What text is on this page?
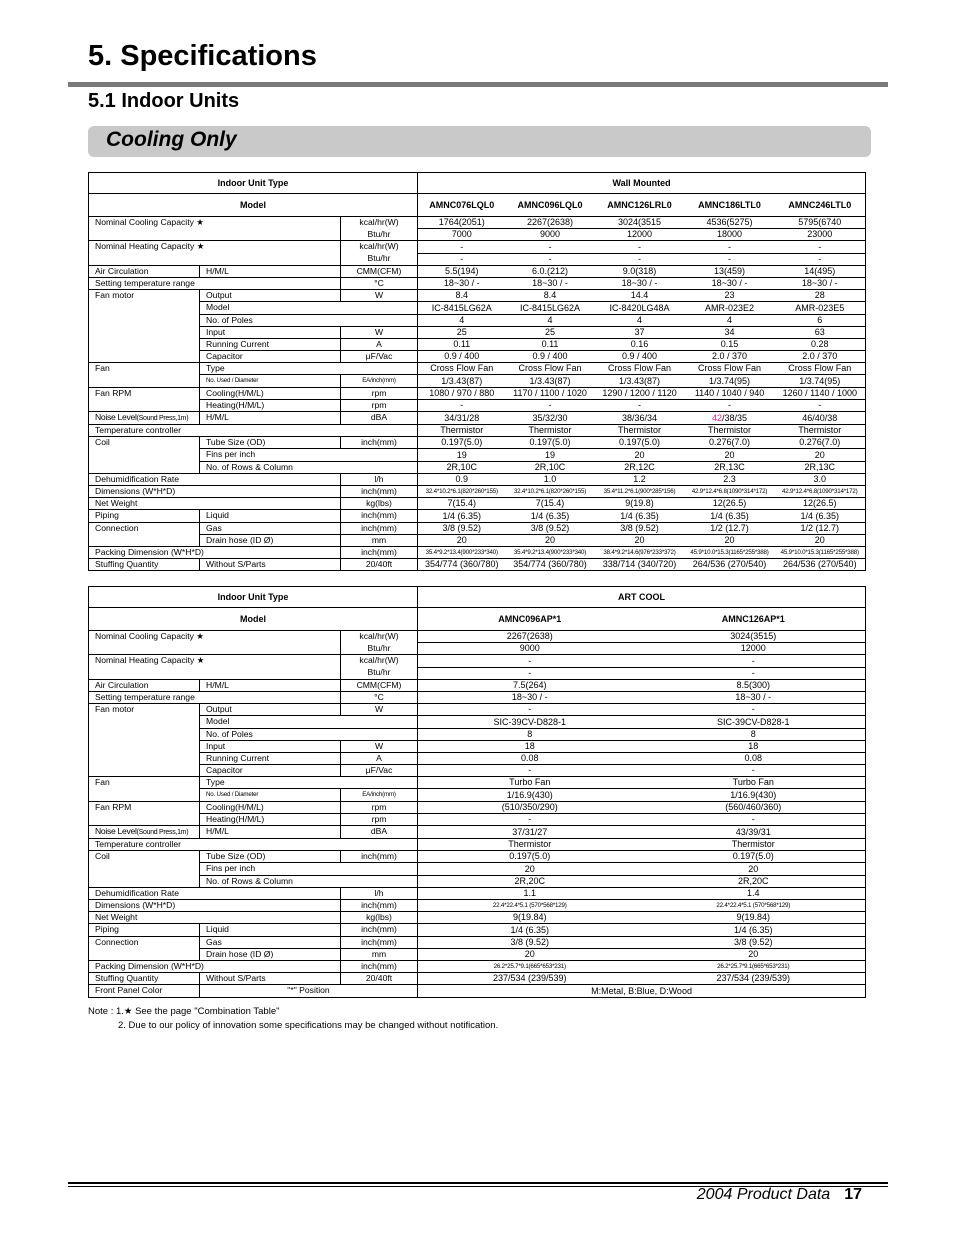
5. Specifications
5.1 Indoor Units
Cooling Only
Indoor Unit Type			Wall Mounted				
Model			AMNC076LQL0	AMNC096LQL0	AMNC126LRL0	AMNC186LTL0	AMNC246LTL0
Nominal Cooling Capacity ★		kcal/hr(W)	1764(2051)	2267(2638)	3024(3515	4536(5275)	5795(6740
		Btu/hr	7000	9000	12000	18000	23000
Nominal Heating Capacity ★		kcal/hr(W)	-	-	-	-	-
		Btu/hr	-	-	-	-	-
Air Circulation	H/M/L	CMM(CFM)	5.5(194)	6.0.(212)	9.0(318)	13(459)	14(495)
Setting temperature range		°C	18~30 / -	18~30 / -	18~30 / -	18~30 / -	18~30 / -
Fan motor	Output	W	8.4	8.4	14.4	23	28
	Model		IC-8415LG62A	IC-8415LG62A	IC-8420LG48A	AMR-023E2	AMR-023E5
	No. of Poles		4	4	4	4	6
	Input	W	25	25	37	34	63
	Running Current	A	0.11	0.11	0.16	0.15	0.28
	Capacitor	μF/Vac	0.9 / 400	0.9 / 400	0.9 / 400	2.0 / 370	2.0 / 370
Fan	Type		Cross Flow Fan	Cross Flow Fan	Cross Flow Fan	Cross Flow Fan	Cross Flow Fan
	No. Used / Diameter	EA/inch(mm)	1/3.43(87)	1/3.43(87)	1/3.43(87)	1/3.74(95)	1/3.74(95)
Fan RPM	Cooling(H/M/L)	rpm	1080 / 970 / 880	1170 / 1100 / 1020	1290 / 1200 / 1120	1140 / 1040 / 940	1260 / 1140 / 1000
	Heating(H/M/L)	rpm	-	-	-	-	-
Noise Level(Sound Press,1m)	H/M/L	dBA	34/31/28	35/32/30	38/36/34	42/38/35	46/40/38
Temperature controller			Thermistor	Thermistor	Thermistor	Thermistor	Thermistor
Coil	Tube Size (OD)	inch(mm)	0.197(5.0)	0.197(5.0)	0.197(5.0)	0.276(7.0)	0.276(7.0)
	Fins per inch		19	19	20	20	20
	No. of Rows & Column		2R,10C	2R,10C	2R,12C	2R,13C	2R,13C
Dehumidification Rate		l/h	0.9	1.0	1.2	2.3	3.0
Dimensions (W*H*D)		inch(mm)	32.4*10.2*6.1(820*260*155)	32.4*10.2*6.1(820*260*155)	35.4*11.2*6.1(900*285*156)	42.9*12.4*6.8(1090*314*172)	42.9*12.4*6.8(1090*314*172)
Net Weight		kg(lbs)	7(15.4)	7(15.4)	9(19.8)	12(26.5)	12(26.5)
Piping	Liquid	inch(mm)	1/4 (6.35)	1/4 (6.35)	1/4 (6.35)	1/4 (6.35)	1/4 (6.35)
Connection	Gas	inch(mm)	3/8 (9.52)	3/8 (9.52)	3/8 (9.52)	1/2 (12.7)	1/2 (12.7)
	Drain hose (ID Ø)	mm	20	20	20	20	20
Packing Dimension (W*H*D)		inch(mm)	35.4*9.2*13.4(900*233*340)	35.4*9.2*13.4(900*233*340)	38.4*9.2*14.6(976*233*372)	45.9*10.0*15.3(1165*255*388)	45.9*10.0*15.3(1165*255*388)
Stuffing Quantity	Without S/Parts	20/40ft	354/774 (360/780)	354/774 (360/780)	338/714 (340/720)	264/536 (270/540)	264/536 (270/540)
Indoor Unit Type			ART COOL	
Model			AMNC096AP*1	AMNC126AP*1
Nominal Cooling Capacity ★		kcal/hr(W)	2267(2638)	3024(3515)
		Btu/hr	9000	12000
Nominal Heating Capacity ★		kcal/hr(W)	-	-
		Btu/hr	-	-
Air Circulation	H/M/L	CMM(CFM)	7.5(264)	8.5(300)
Setting temperature range		°C	18~30 / -	18~30 / -
Fan motor	Output	W	-	-
	Model		SIC-39CV-D828-1	SIC-39CV-D828-1
	No. of Poles		8	8
	Input	W	18	18
	Running Current	A	0.08	0.08
	Capacitor	μF/Vac	-	-
Fan	Type		Turbo Fan	Turbo Fan
	No. Used / Diameter	EA/inch(mm)	1/16.9(430)	1/16.9(430)
Fan RPM	Cooling(H/M/L)	rpm	(510/350/290)	(560/460/360)
	Heating(H/M/L)	rpm	-	-
Noise Level(Sound Press,1m)	H/M/L	dBA	37/31/27	43/39/31
Temperature controller			Thermistor	Thermistor
Coil	Tube Size (OD)	inch(mm)	0.197(5.0)	0.197(5.0)
	Fins per inch		20	20
	No. of Rows & Column		2R,20C	2R,20C
Dehumidification Rate		l/h	1.1	1.4
Dimensions (W*H*D)		inch(mm)	22.4*22.4*5.1 (570*568*129)	22.4*22.4*5.1 (570*568*129)
Net Weight		kg(lbs)	9(19.84)	9(19.84)
Piping	Liquid	inch(mm)	1/4 (6.35)	1/4 (6.35)
Connection	Gas	inch(mm)	3/8 (9.52)	3/8 (9.52)
	Drain hose (ID Ø)	mm	20	20
Packing Dimension (W*H*D)		inch(mm)	26.2*25.7*9.1(665*653*231)	26.2*25.7*9.1(665*653*231)
Stuffing Quantity	Without S/Parts	20/40ft	237/534 (239/539)	237/534 (239/539)
Front Panel Color	"*" Position		M:Metal, B:Blue, D:Wood	
Note : 1.★ See the page "Combination Table"
2. Due to our policy of innovation some specifications may be changed without notification.
2004 Product Data 17
